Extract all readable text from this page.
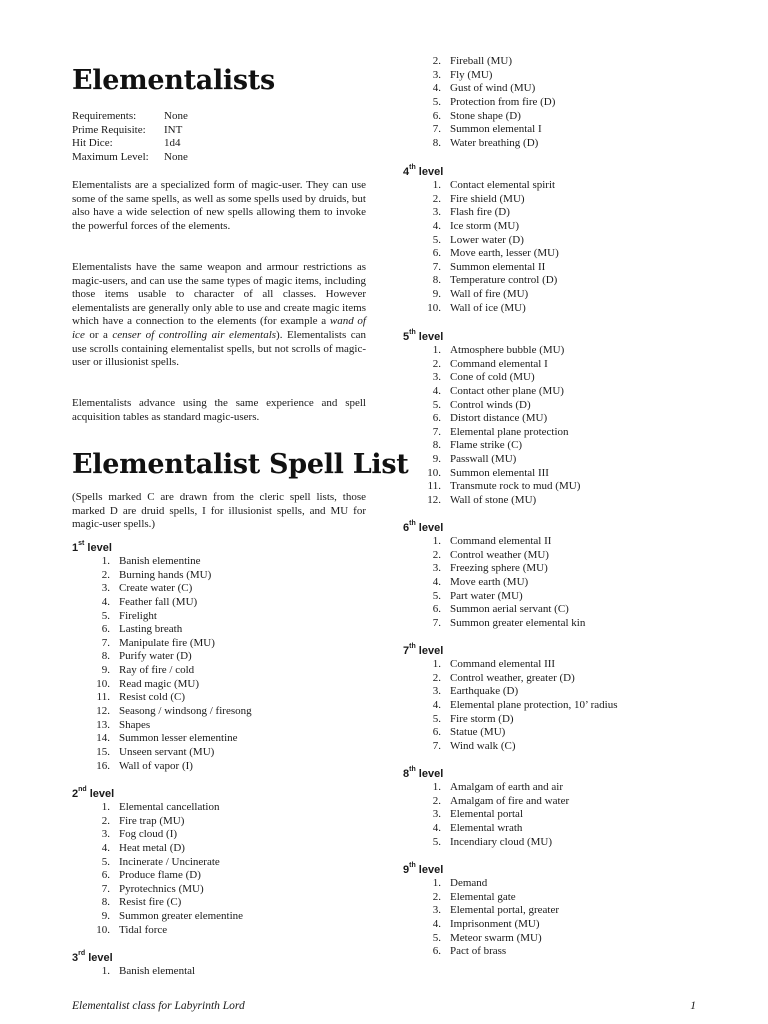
Elementalists
Requirements:	None
Prime Requisite:	INT
Hit Dice:	1d4
Maximum Level:	None

Elementalists are a specialized form of magic-user. They can use some of the same spells, as well as some spells used by druids, but also have a wide selection of new spells allowing them to invoke the powerful forces of the elements.

Elementalists have the same weapon and armour restrictions as magic-users, and can use the same types of magic items, including those items usable to character of all classes. However elementalists are generally only able to use and create magic items which have a connection to the elements (for example a wand of ice or a censer of controlling air elementals). Elementalists can use scrolls containing elementalist spells, but not scrolls of magic-user or illusionist spells.

Elementalists advance using the same experience and spell acquisition tables as standard magic-users.

Elementalist Spell List

(Spells marked C are drawn from the cleric spell lists, those marked D are druid spells, I for illusionist spells, and MU for magic-user spells.)

1st level
1. Banish elementine
2. Burning hands (MU)
3. Create water (C)
4. Feather fall (MU)
5. Firelight
6. Lasting breath
7. Manipulate fire (MU)
8. Purify water (D)
9. Ray of fire / cold
10. Read magic (MU)
11. Resist cold (C)
12. Seasong / windsong / firesong
13. Shapes
14. Summon lesser elementine
15. Unseen servant (MU)
16. Wall of vapor (I)
2nd level
1. Elemental cancellation
2. Fire trap (MU)
3. Fog cloud (I)
4. Heat metal (D)
5. Incinerate / Uncinerate
6. Produce flame (D)
7. Pyrotechnics (MU)
8. Resist fire (C)
9. Summon greater elementine
10. Tidal force
3rd level
1. Banish elemental
2. Fireball (MU)
3. Fly (MU)
4. Gust of wind (MU)
5. Protection from fire (D)
6. Stone shape (D)
7. Summon elemental I
8. Water breathing (D)
4th level
1. Contact elemental spirit
2. Fire shield (MU)
3. Flash fire (D)
4. Ice storm (MU)
5. Lower water (D)
6. Move earth, lesser (MU)
7. Summon elemental II
8. Temperature control (D)
9. Wall of fire (MU)
10. Wall of ice (MU)
5th level
1. Atmosphere bubble (MU)
2. Command elemental I
3. Cone of cold (MU)
4. Contact other plane (MU)
5. Control winds (D)
6. Distort distance (MU)
7. Elemental plane protection
8. Flame strike (C)
9. Passwall (MU)
10. Summon elemental III
11. Transmute rock to mud (MU)
12. Wall of stone (MU)
6th level
1. Command elemental II
2. Control weather (MU)
3. Freezing sphere (MU)
4. Move earth (MU)
5. Part water (MU)
6. Summon aerial servant (C)
7. Summon greater elemental kin
7th level
1. Command elemental III
2. Control weather, greater (D)
3. Earthquake (D)
4. Elemental plane protection, 10’ radius
5. Fire storm (D)
6. Statue (MU)
7. Wind walk (C)
8th level
1. Amalgam of earth and air
2. Amalgam of fire and water
3. Elemental portal
4. Elemental wrath
5. Incendiary cloud (MU)
9th level
1. Demand
2. Elemental gate
3. Elemental portal, greater
4. Imprisonment (MU)
5. Meteor swarm (MU)
6. Pact of brass
Elementalist class for Labyrinth Lord	1
